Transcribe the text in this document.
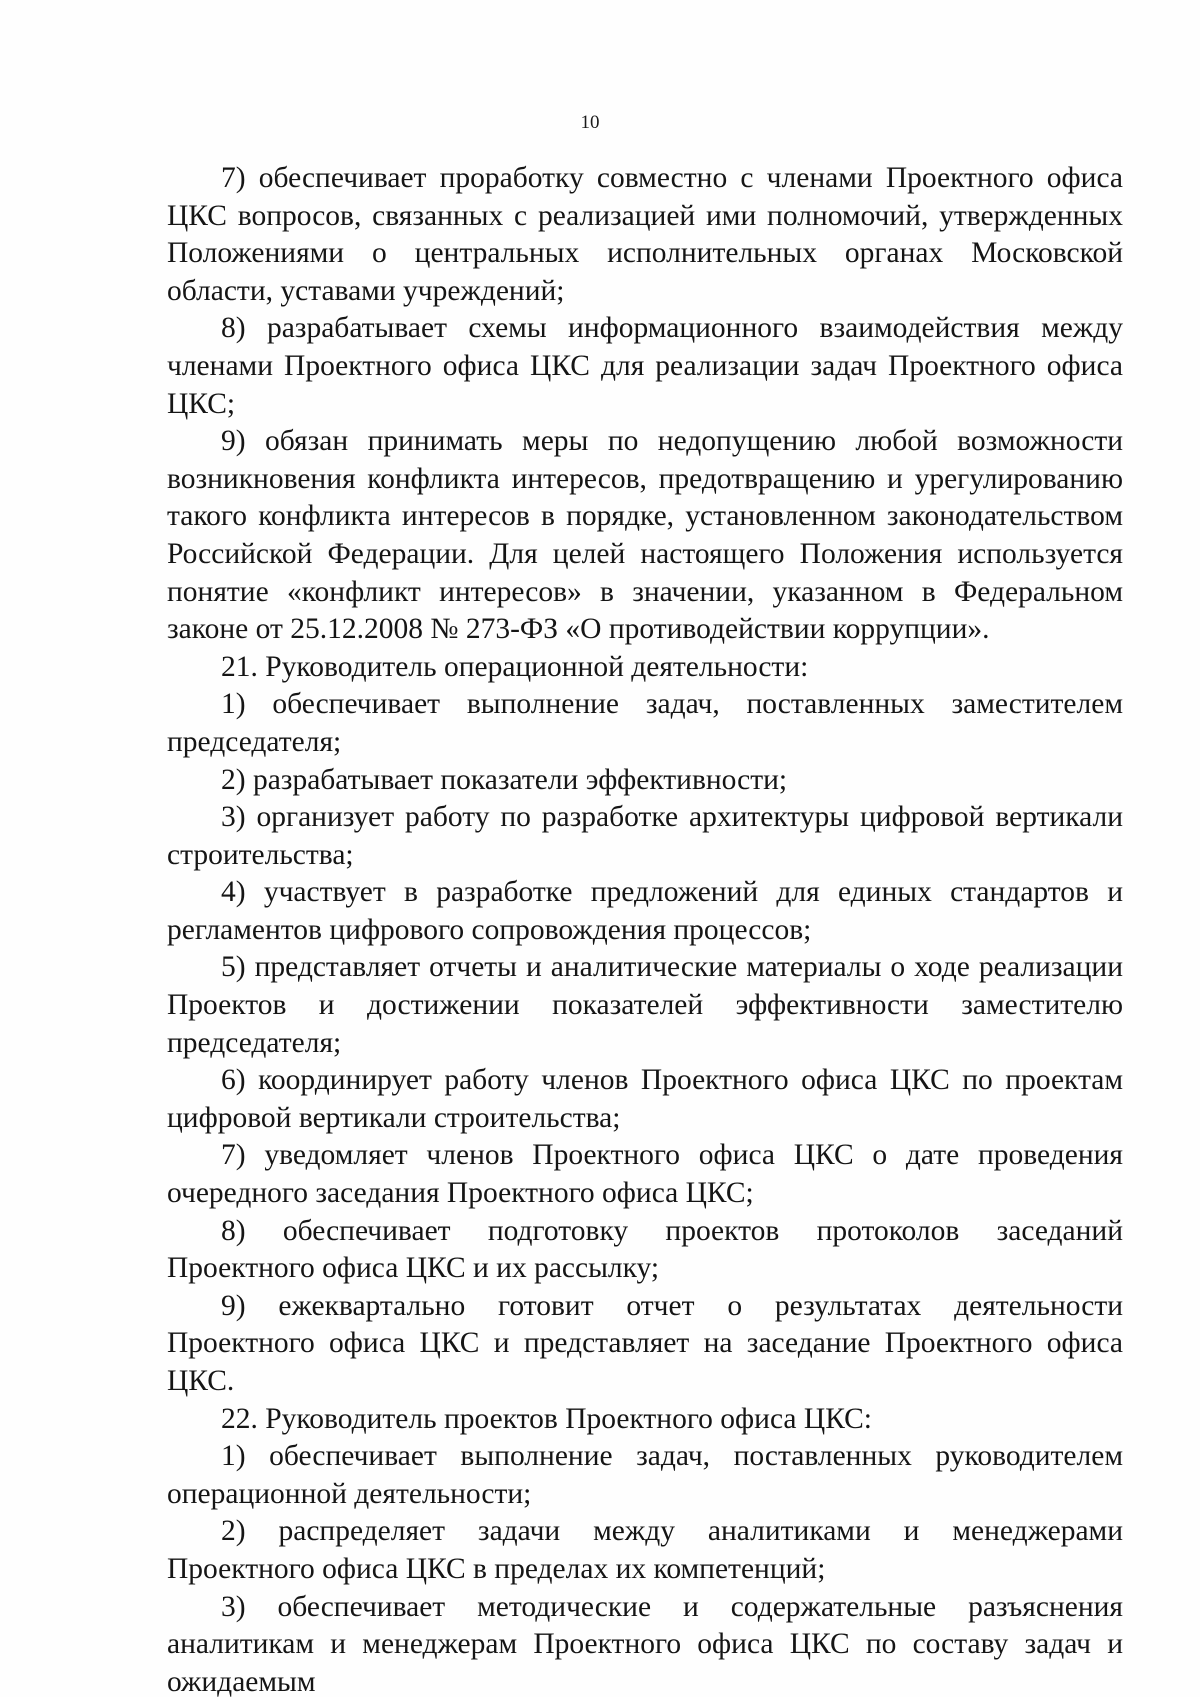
10

7) обеспечивает проработку совместно с членами Проектного офиса ЦКС вопросов, связанных с реализацией ими полномочий, утвержденных Положениями о центральных исполнительных органах Московской области, уставами учреждений;

8) разрабатывает схемы информационного взаимодействия между членами Проектного офиса ЦКС для реализации задач Проектного офиса ЦКС;

9) обязан принимать меры по недопущению любой возможности возникновения конфликта интересов, предотвращению и урегулированию такого конфликта интересов в порядке, установленном законодательством Российской Федерации. Для целей настоящего Положения используется понятие «конфликт интересов» в значении, указанном в Федеральном законе от 25.12.2008 № 273-ФЗ «О противодействии коррупции».

21. Руководитель операционной деятельности:

1) обеспечивает выполнение задач, поставленных заместителем председателя;

2) разрабатывает показатели эффективности;

3) организует работу по разработке архитектуры цифровой вертикали строительства;

4) участвует в разработке предложений для единых стандартов и регламентов цифрового сопровождения процессов;

5) представляет отчеты и аналитические материалы о ходе реализации Проектов и достижении показателей эффективности заместителю председателя;

6) координирует работу членов Проектного офиса ЦКС по проектам цифровой вертикали строительства;

7) уведомляет членов Проектного офиса ЦКС о дате проведения очередного заседания Проектного офиса ЦКС;

8) обеспечивает подготовку проектов протоколов заседаний Проектного офиса ЦКС и их рассылку;

9) ежеквартально готовит отчет о результатах деятельности Проектного офиса ЦКС и представляет на заседание Проектного офиса ЦКС.

22. Руководитель проектов Проектного офиса ЦКС:

1) обеспечивает выполнение задач, поставленных руководителем операционной деятельности;

2) распределяет задачи между аналитиками и менеджерами Проектного офиса ЦКС в пределах их компетенций;

3) обеспечивает методические и содержательные разъяснения аналитикам и менеджерам Проектного офиса ЦКС по составу задач и ожидаемым
